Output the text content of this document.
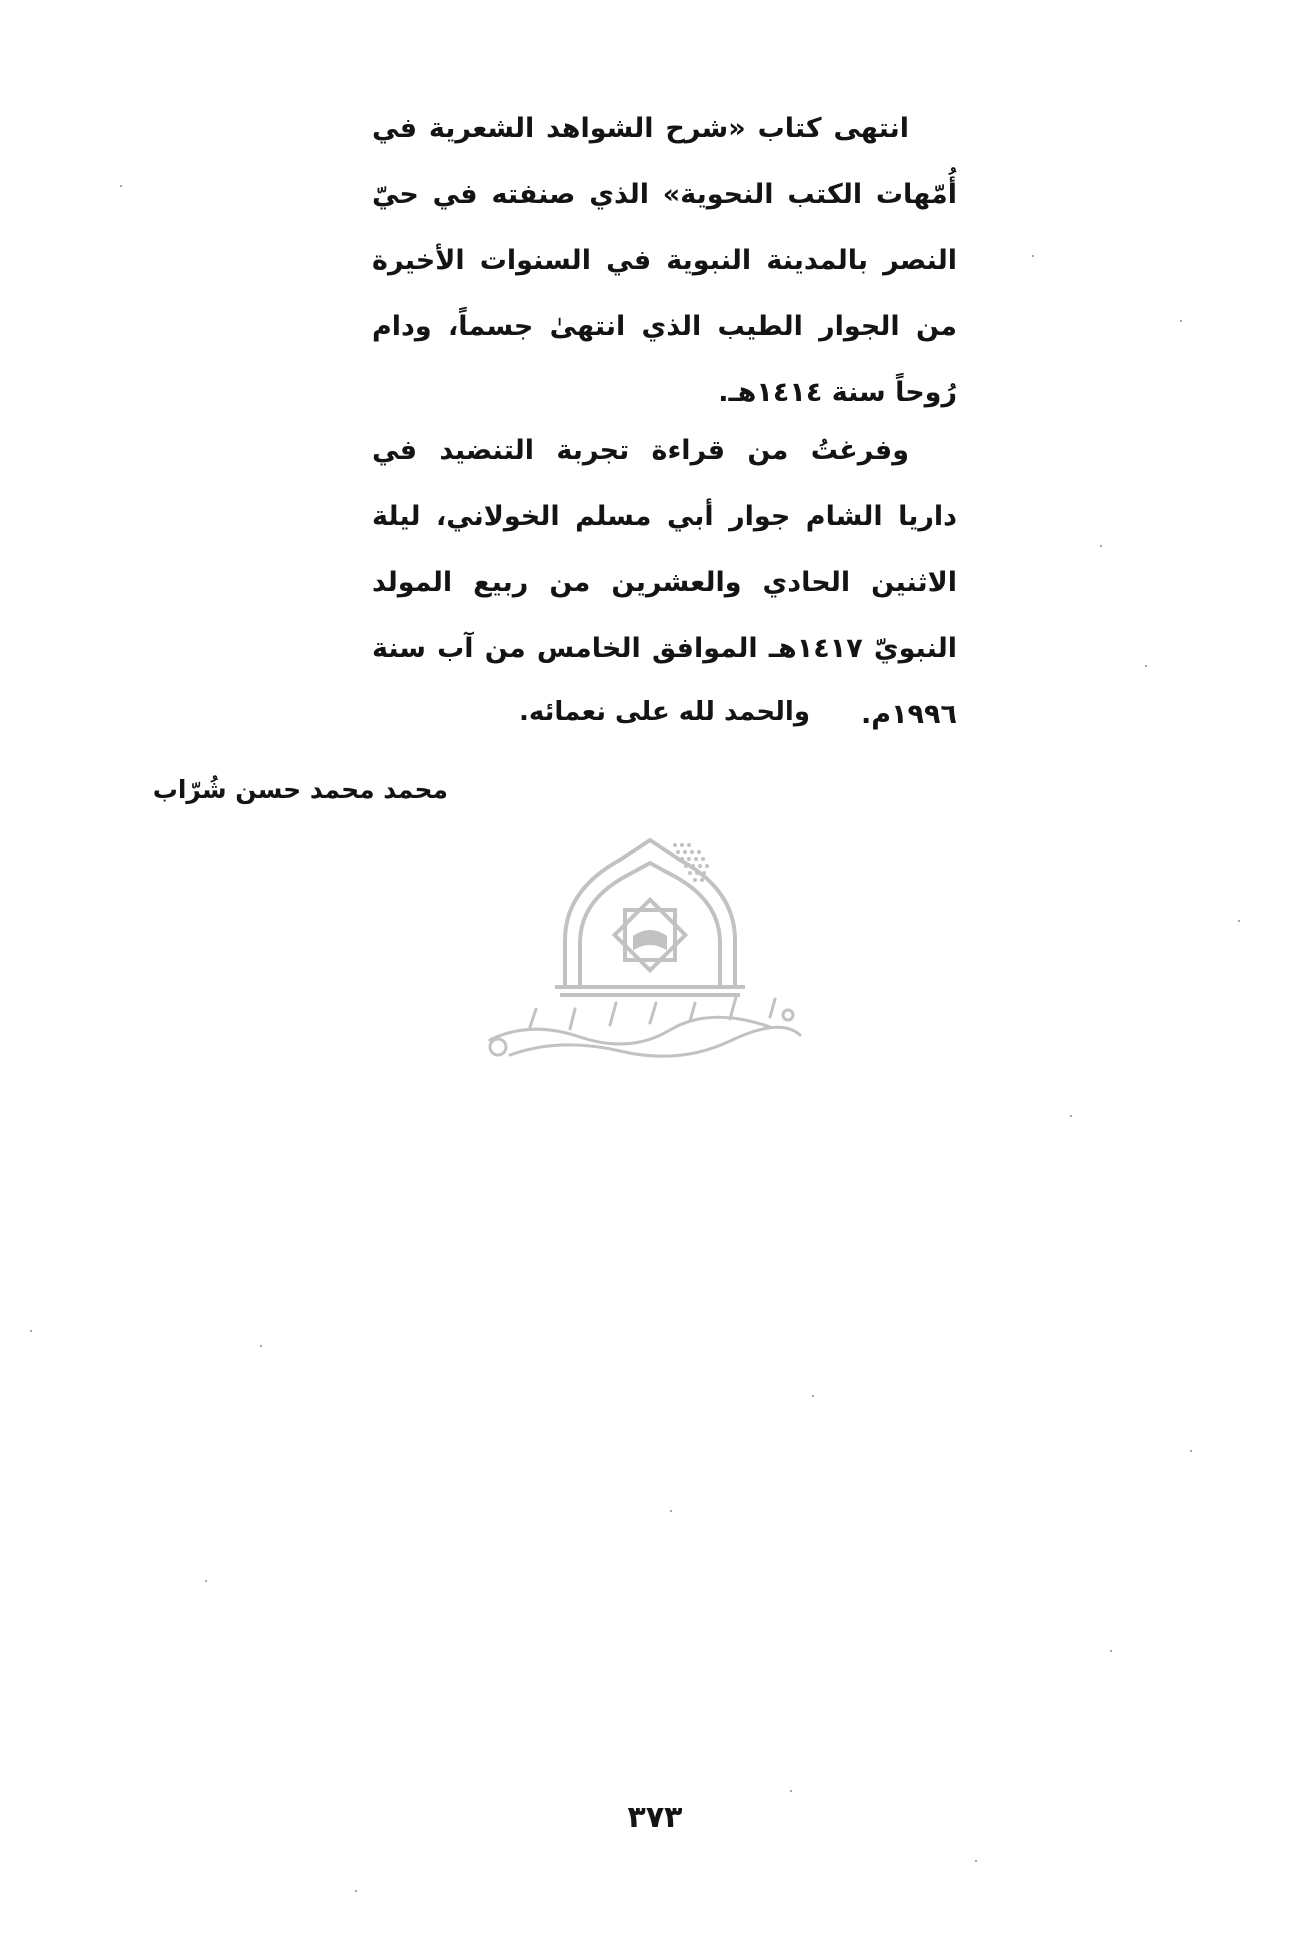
انتهى كتاب «شرح الشواهد الشعرية في أُمّهات الكتب النحوية» الذي صنفته في حيّ النصر بالمدينة النبوية في السنوات الأخيرة من الجوار الطيب الذي انتهىٰ جسماً، ودام رُوحاً سنة ١٤١٤هـ.

وفرغتُ من قراءة تجربة التنضيد في داريا الشام جوار أبي مسلم الخولاني، ليلة الاثنين الحادي والعشرين من ربيع المولد النبويّ ١٤١٧هـ الموافق الخامس من آب سنة ١٩٩٦م.

والحمد لله على نعمائه.
محمد محمد حسن شُرّاب
٣٧٣
